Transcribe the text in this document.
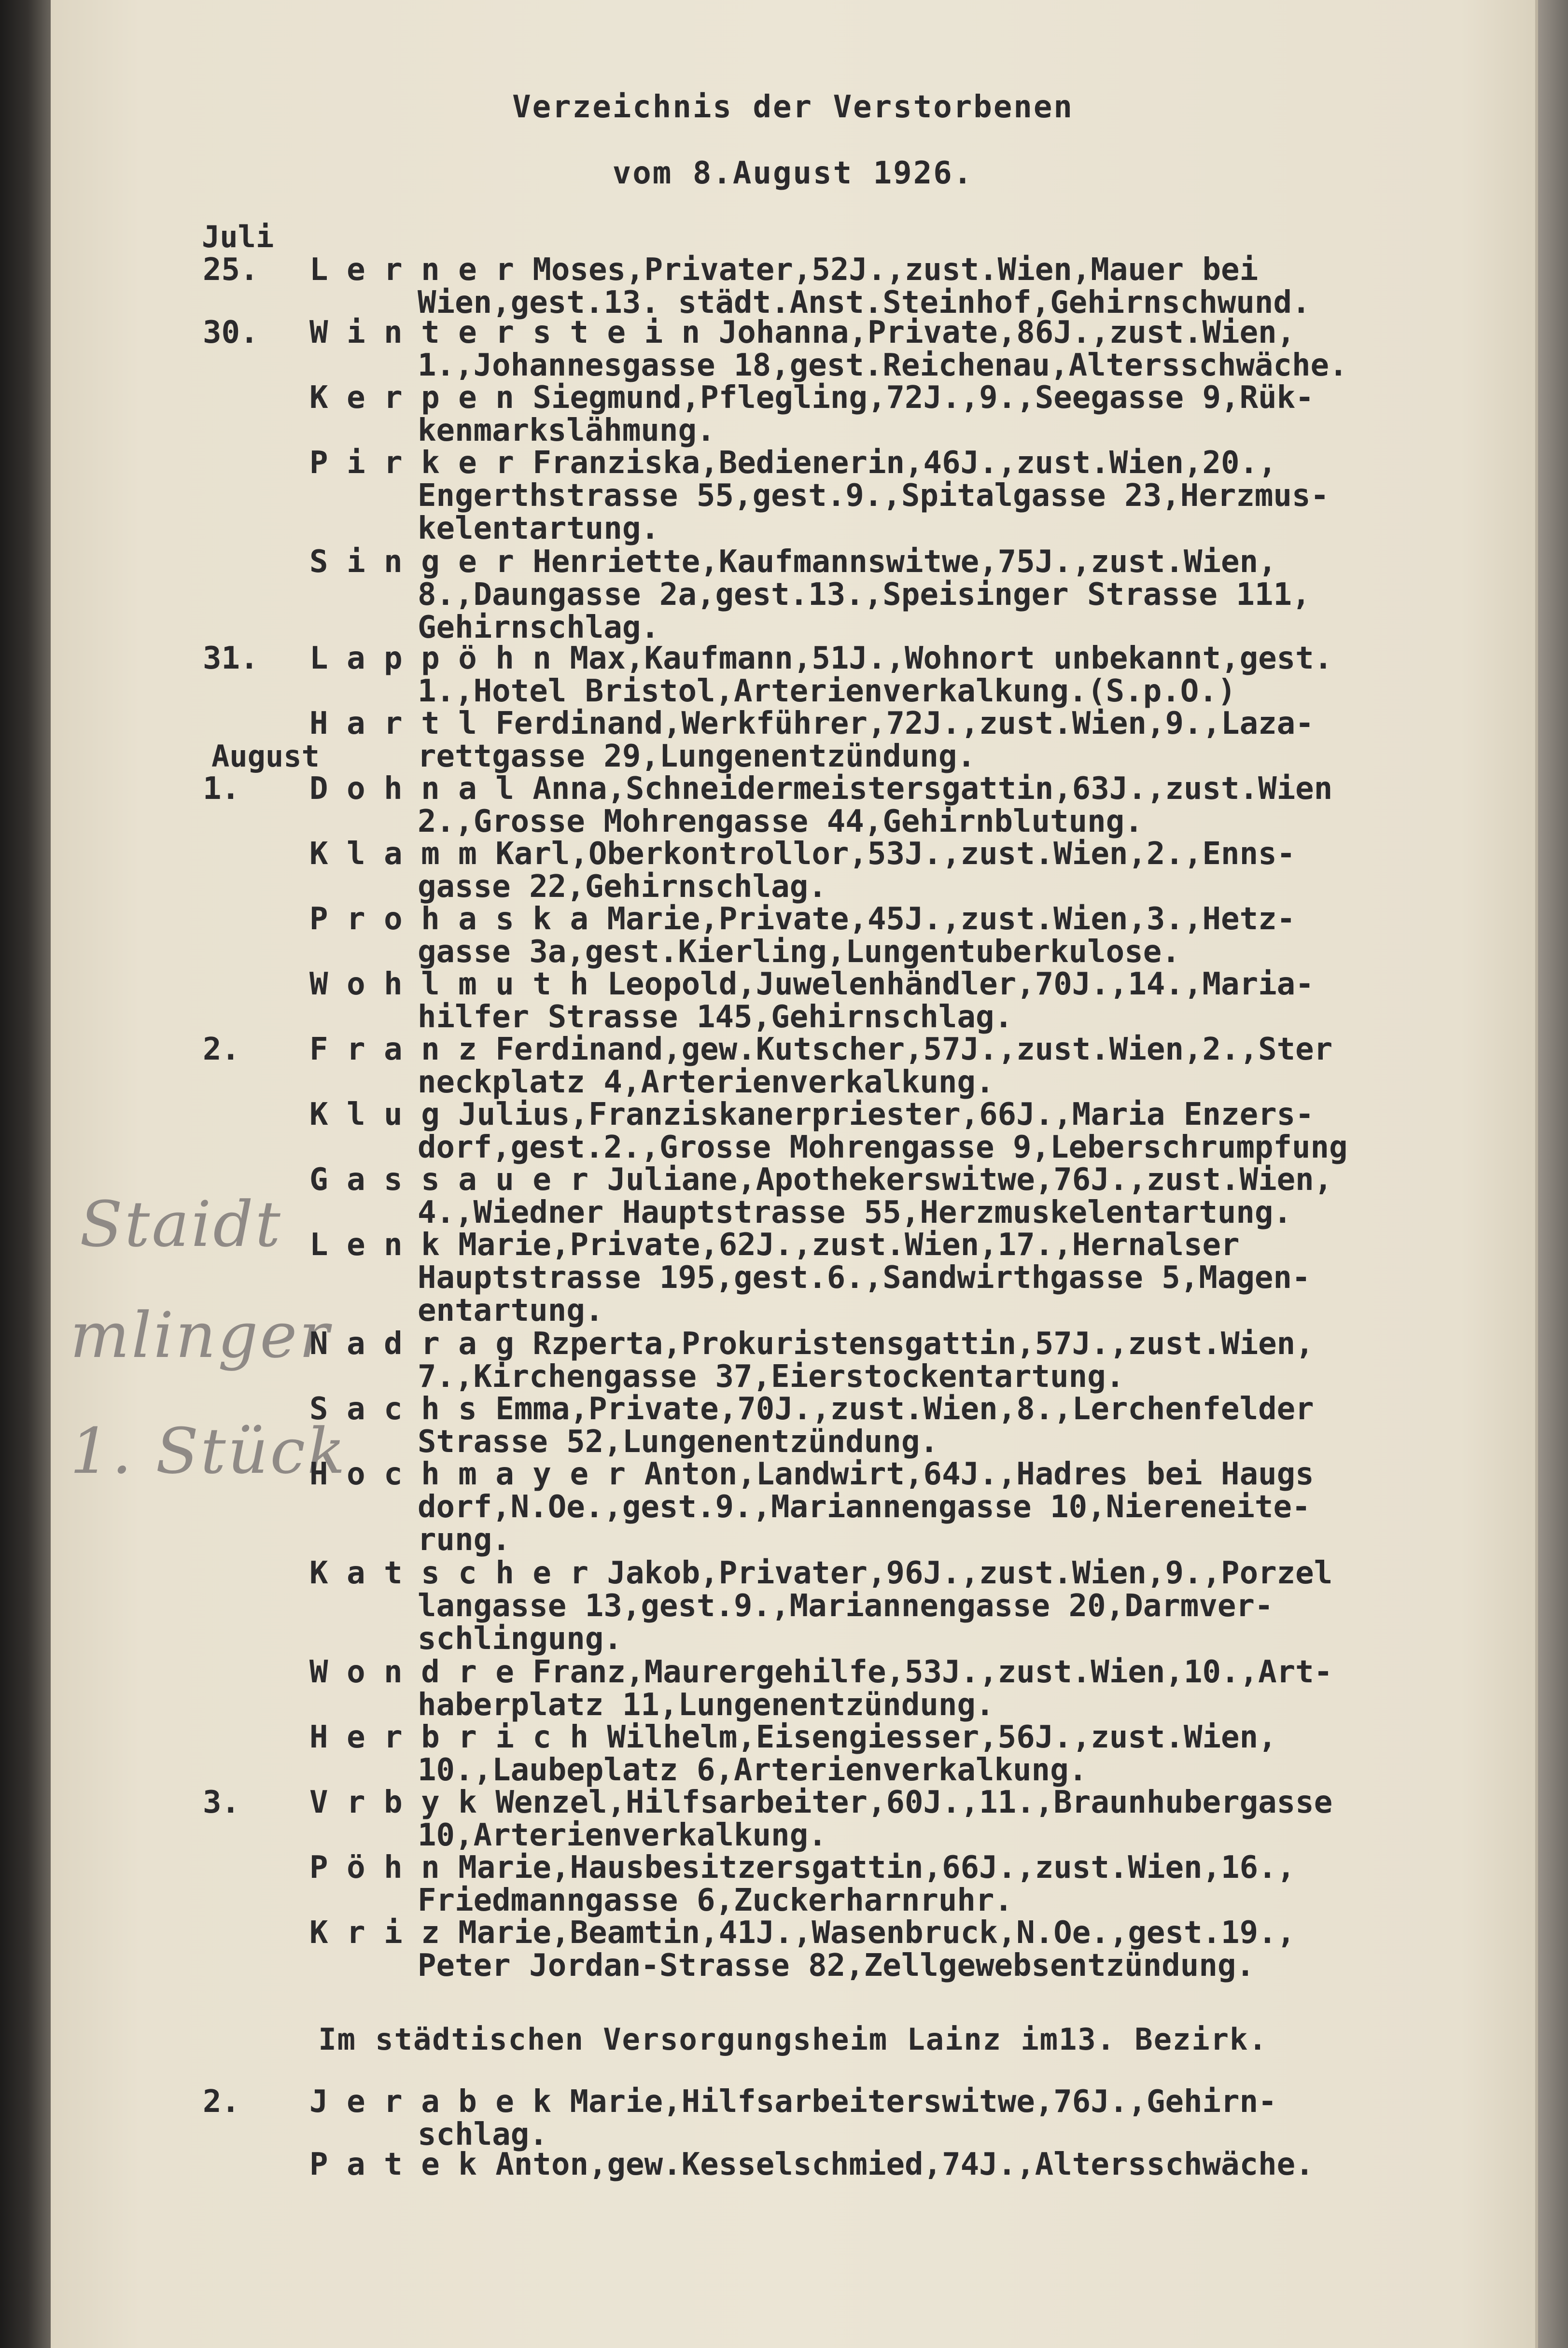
Verzeichnis der Verstorbenen
vom 8.August 1926.
Juli
August
Staidt
mlinger
1. Stück
25. L e r n e r Moses,Privater,52J.,zust.Wien,Mauer bei
Wien,gest.13. städt.Anst.Steinhof,Gehirnschwund.
30. W i n t e r s t e i n Johanna,Private,86J.,zust.Wien,
1.,Johannesgasse 18,gest.Reichenau,Altersschwäche.
K e r p e n Siegmund,Pflegling,72J.,9.,Seegasse 9,Rük-
kenmarkslähmung.
P i r k e r Franziska,Bedienerin,46J.,zust.Wien,20.,
Engerthstrasse 55,gest.9.,Spitalgasse 23,Herzmus-
kelentartung.
S i n g e r Henriette,Kaufmannswitwe,75J.,zust.Wien,
8.,Daungasse 2a,gest.13.,Speisinger Strasse 111,
Gehirnschlag.
31. L a p p ö h n Max,Kaufmann,51J.,Wohnort unbekannt,gest.
1.,Hotel Bristol,Arterienverkalkung.(S.p.O.)
H a r t l Ferdinand,Werkführer,72J.,zust.Wien,9.,Laza-
rettgasse 29,Lungenentzündung.
1. D o h n a l Anna,Schneidermeistersgattin,63J.,zust.Wien
2.,Grosse Mohrengasse 44,Gehirnblutung.
K l a m m Karl,Oberkontrollor,53J.,zust.Wien,2.,Enns-
gasse 22,Gehirnschlag.
P r o h a s k a Marie,Private,45J.,zust.Wien,3.,Hetz-
gasse 3a,gest.Kierling,Lungentuberkulose.
W o h l m u t h Leopold,Juwelenhändler,70J.,14.,Maria-
hilfer Strasse 145,Gehirnschlag.
2. F r a n z Ferdinand,gew.Kutscher,57J.,zust.Wien,2.,Ster
neckplatz 4,Arterienverkalkung.
K l u g Julius,Franziskanerpriester,66J.,Maria Enzers-
dorf,gest.2.,Grosse Mohrengasse 9,Leberschrumpfung
G a s s a u e r Juliane,Apothekerswitwe,76J.,zust.Wien,
4.,Wiedner Hauptstrasse 55,Herzmuskelentartung.
L e n k Marie,Private,62J.,zust.Wien,17.,Hernalser
Hauptstrasse 195,gest.6.,Sandwirthgasse 5,Magen-
entartung.
N a d r a g Rzperta,Prokuristensgattin,57J.,zust.Wien,
7.,Kirchengasse 37,Eierstockentartung.
S a c h s Emma,Private,70J.,zust.Wien,8.,Lerchenfelder
Strasse 52,Lungenentzündung.
H o c h m a y e r Anton,Landwirt,64J.,Hadres bei Haugs
dorf,N.Oe.,gest.9.,Mariannengasse 10,Niereneite-
rung.
K a t s c h e r Jakob,Privater,96J.,zust.Wien,9.,Porzel
langasse 13,gest.9.,Mariannengasse 20,Darmver-
schlingung.
W o n d r e Franz,Maurergehilfe,53J.,zust.Wien,10.,Art-
haberplatz 11,Lungenentzündung.
H e r b r i c h Wilhelm,Eisengiesser,56J.,zust.Wien,
10.,Laubeplatz 6,Arterienverkalkung.
3. V r b y k Wenzel,Hilfsarbeiter,60J.,11.,Braunhubergasse
10,Arterienverkalkung.
P ö h n Marie,Hausbesitzersgattin,66J.,zust.Wien,16.,
Friedmanngasse 6,Zuckerharnruhr.
K r i z Marie,Beamtin,41J.,Wasenbruck,N.Oe.,gest.19.,
Peter Jordan-Strasse 82,Zellgewebsentzündung.
Im städtischen Versorgungsheim Lainz im13. Bezirk.
2. J e r a b e k Marie,Hilfsarbeiterswitwe,76J.,Gehirn-
schlag.
P a t e k Anton,gew.Kesselschmied,74J.,Altersschwäche.
